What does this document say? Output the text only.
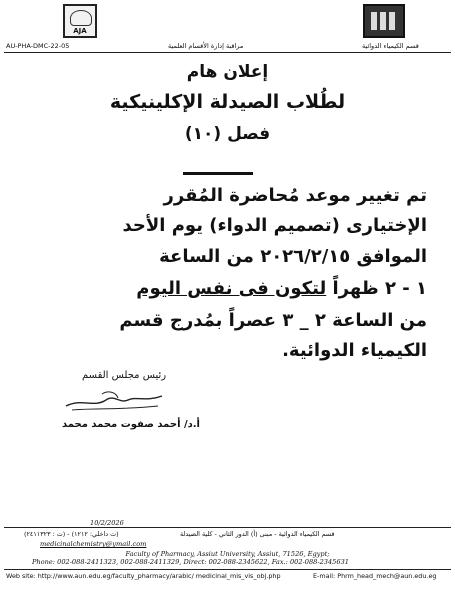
AJA
AU-PHA-DMC-22-05	مراقبة إدارة الأقسام العلمية	قسم الكيمياء الدوائية
إعلان هام
لطُلاب الصيدلة الإكلينيكية
فصل (١٠)
تم تغيير موعد مُحاضرة المُقرر
الإختيارى (تصميم الدواء) يوم الأحد
الموافق ٢٠٢٦/٢/١٥ من الساعة
١ - ٢ ظهراً لتكون فى نفس اليوم
من الساعة ٢ _ ٣ عصراً بمُدرج قسم
الكيمياء الدوائية.
رئيس مجلس القسم
أ.د/ أحمد صفوت محمد محمد
10/2/2026
قسم الكيمياء الدوائية - مبنى (أ) الدور الثاني - كلية الصيدلة
(ت داخلي: ١٢١٢) - (ت : ٢٤١١٣٢٣)
medicinalchemistry@ymail.com
Faculty of Pharmacy, Assiut University, Assiut, 71526, Egypt;
Phone: 002-088-2411323, 002-088-2411329, Direct: 002-088-2345622, Fax.: 002-088-2345631
Web site: http://www.aun.edu.eg/faculty_pharmacy/arabic/ medicinal_mis_vis_obj.php	E-mail: Phrm_head_mech@aun.edu.eg
